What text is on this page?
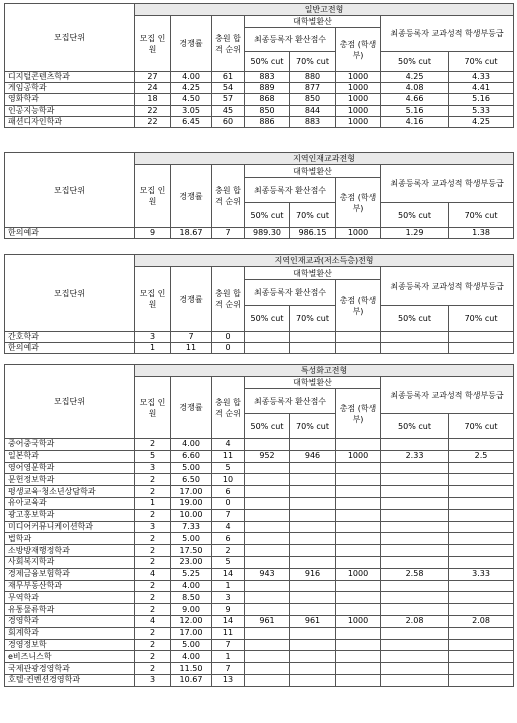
모집단위	일반고전형							
	모집 인원	경쟁률	충원 합격 순위	대학별환산			최종등록자 교과성적 학생부등급	
				최종등록자 환산점수		총점 (학생부)		
				50% cut	70% cut		50% cut	70% cut
디지털콘텐츠학과	27	4.00	61	883	880	1000	4.25	4.33
게임공학과	24	4.25	54	889	877	1000	4.08	4.41
영화학과	18	4.50	57	868	850	1000	4.66	5.16
인공지능학과	22	3.05	45	850	844	1000	5.16	5.33
패션디자인학과	22	6.45	60	886	883	1000	4.16	4.25
모집단위	지역인재교과전형							
	모집 인원	경쟁률	충원 합격 순위	대학별환산			최종등록자 교과성적 학생부등급	
				최종등록자 환산점수		총점 (학생부)		
				50% cut	70% cut		50% cut	70% cut
한의예과	9	18.67	7	989.30	986.15	1000	1.29	1.38
모집단위	지역인재교과(저소득층)전형							
	모집 인원	경쟁률	충원 합격 순위	대학별환산			최종등록자 교과성적 학생부등급	
				최종등록자 환산점수		총점 (학생부)		
				50% cut	70% cut		50% cut	70% cut
간호학과	3	7	0					
한의예과	1	11	0					
모집단위	특성화고전형							
	모집 인원	경쟁률	충원 합격 순위	대학별환산			최종등록자 교과성적 학생부등급	
				최종등록자 환산점수		총점 (학생부)		
				50% cut	70% cut		50% cut	70% cut
중어중국학과	2	4.00	4					
일본학과	5	6.60	11	952	946	1000	2.33	2.5
영어영문학과	3	5.00	5					
문헌정보학과	2	6.50	10					
평생교육·청소년상담학과	2	17.00	6					
유아교육과	1	19.00	0					
광고홍보학과	2	10.00	7					
미디어커뮤니케이션학과	3	7.33	4					
법학과	2	5.00	6					
소방방재행정학과	2	17.50	2					
사회복지학과	2	23.00	5					
경제금융보험학과	4	5.25	14	943	916	1000	2.58	3.33
재무부동산학과	2	4.00	1					
무역학과	2	8.50	3					
유통물류학과	2	9.00	9					
경영학과	4	12.00	14	961	961	1000	2.08	2.08
회계학과	2	17.00	11					
경영정보학	2	5.00	7					
e비즈니스학	2	4.00	1					
국제관광경영학과	2	11.50	7					
호텔·컨벤션경영학과	3	10.67	13					
